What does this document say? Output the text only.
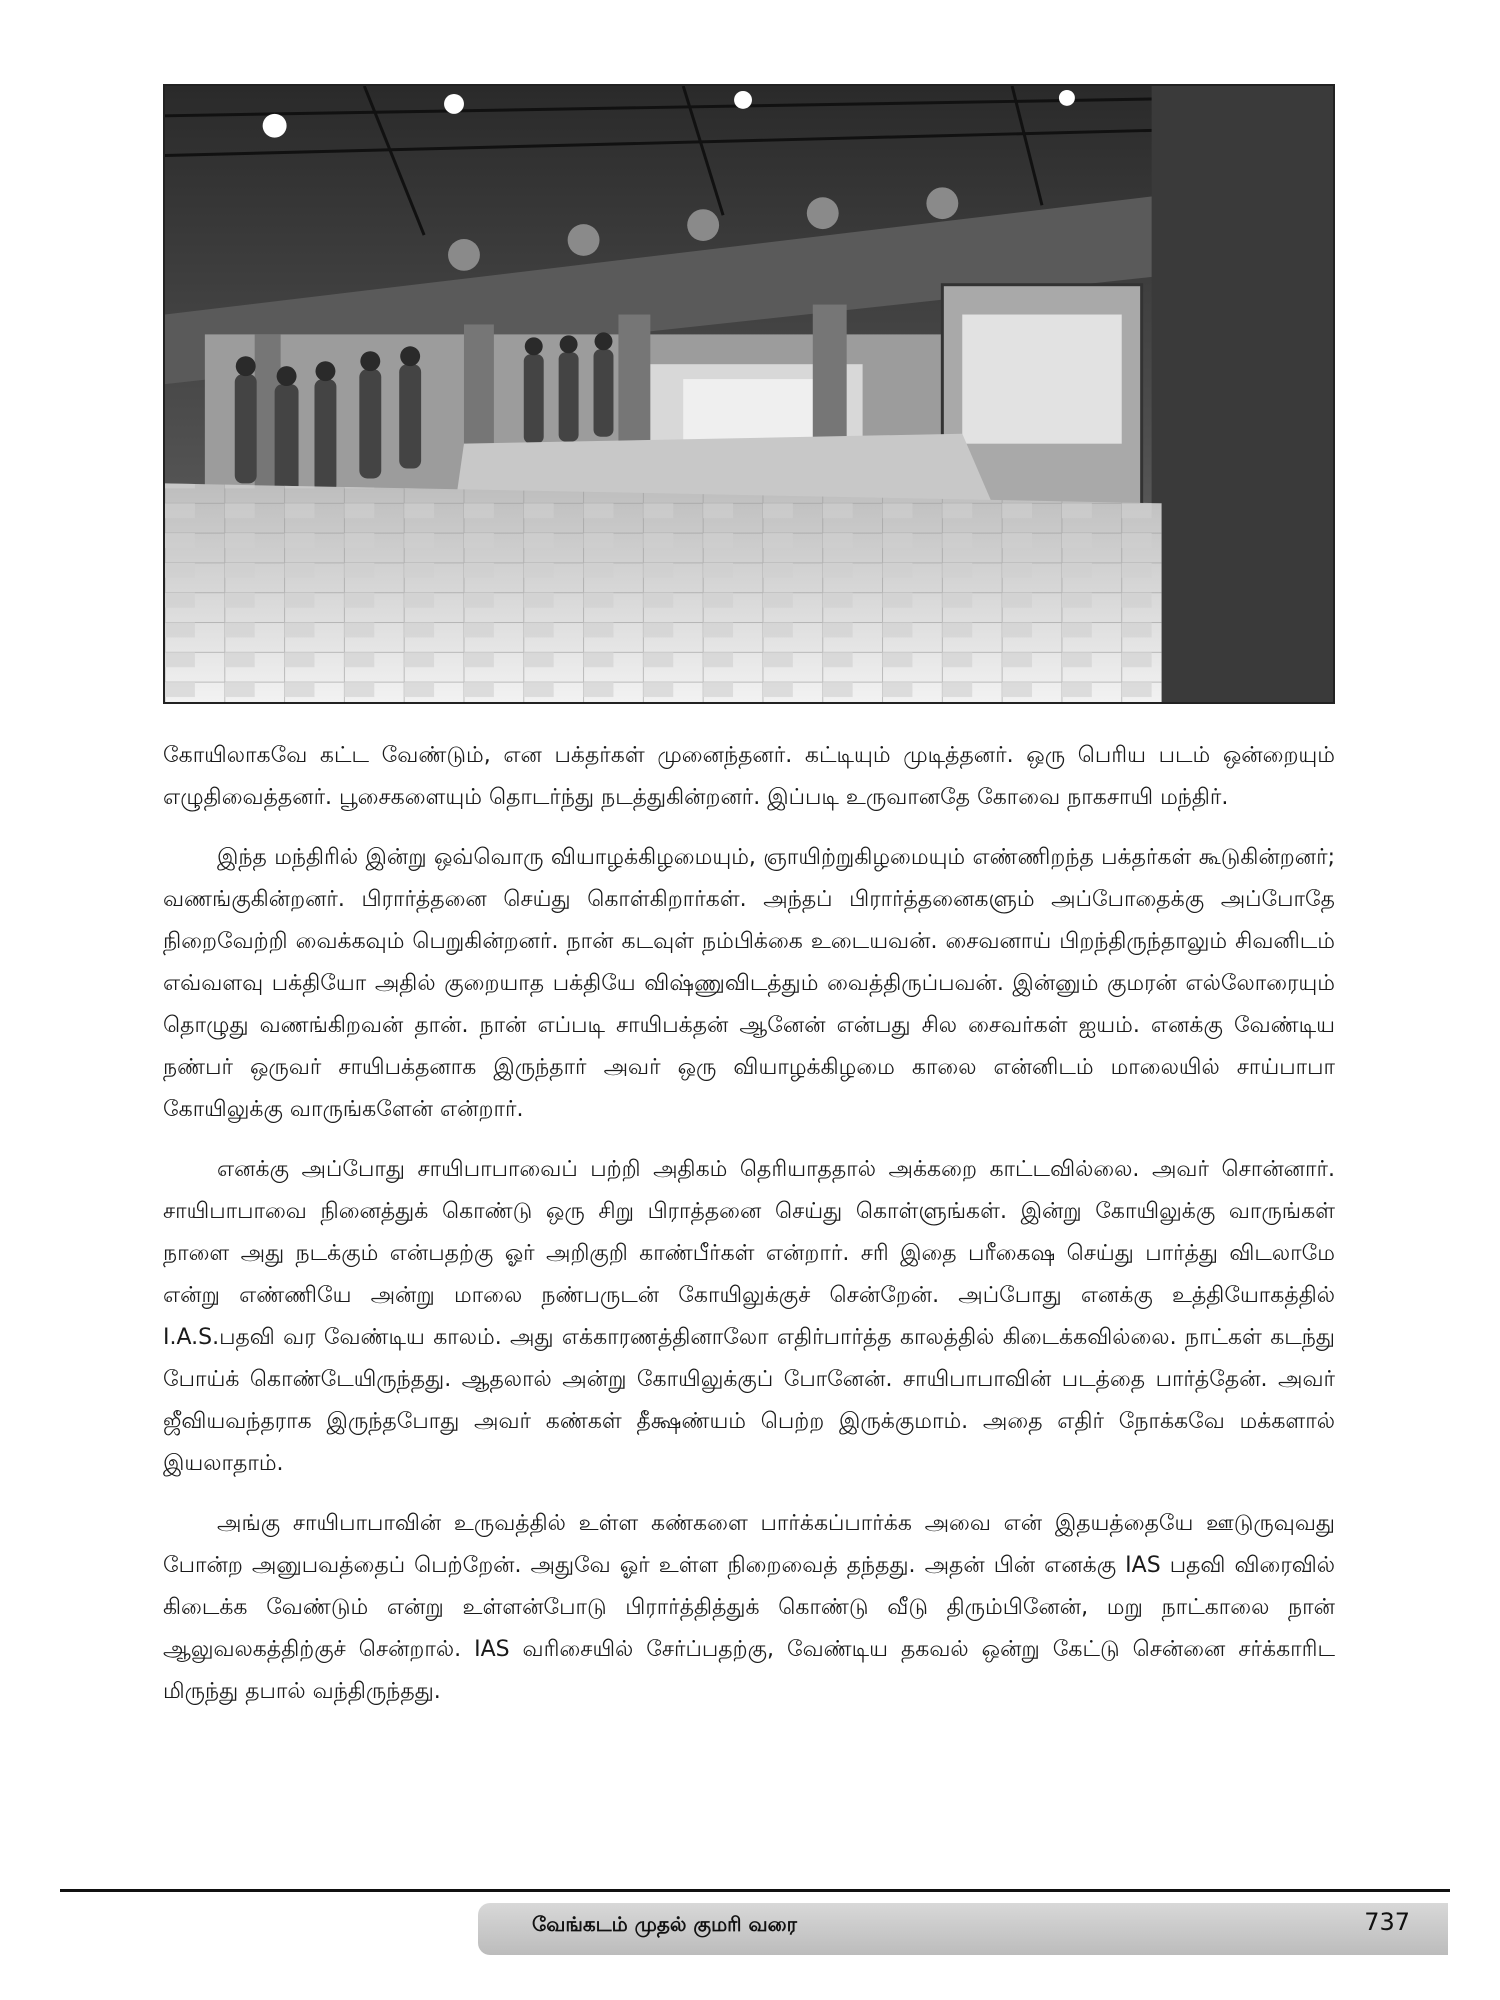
கோயிலாகவே கட்ட வேண்டும், என பக்தர்கள் முனைந்தனர். கட்டியும் முடித்தனர். ஒரு பெரிய படம் ஒன்றையும் எழுதிவைத்தனர். பூசைகளையும் தொடர்ந்து நடத்துகின்றனர். இப்படி உருவானதே கோவை நாகசாயி மந்திர்.

இந்த மந்திரில் இன்று ஒவ்வொரு வியாழக்கிழமையும், ஞாயிற்றுகிழமையும் எண்ணிறந்த பக்தர்கள் கூடுகின்றனர்; வணங்குகின்றனர். பிரார்த்தனை செய்து கொள்கிறார்கள். அந்தப் பிரார்த்தனைகளும் அப்போதைக்கு அப்போதே நிறைவேற்றி வைக்கவும் பெறுகின்றனர். நான் கடவுள் நம்பிக்கை உடையவன். சைவனாய் பிறந்திருந்தாலும் சிவனிடம் எவ்வளவு பக்தியோ அதில் குறையாத பக்தியே விஷ்ணுவிடத்தும் வைத்திருப்பவன். இன்னும் குமரன் எல்லோரையும் தொழுது வணங்கிறவன் தான். நான் எப்படி சாயிபக்தன் ஆனேன் என்பது சில சைவர்கள் ஐயம். எனக்கு வேண்டிய நண்பர் ஒருவர் சாயிபக்தனாக இருந்தார் அவர் ஒரு வியாழக்கிழமை காலை என்னிடம் மாலையில் சாய்பாபா கோயிலுக்கு வாருங்களேன் என்றார்.

எனக்கு அப்போது சாயிபாபாவைப் பற்றி அதிகம் தெரியாததால் அக்கறை காட்டவில்லை. அவர் சொன்னார். சாயிபாபாவை நினைத்துக் கொண்டு ஒரு சிறு பிராத்தனை செய்து கொள்ளுங்கள். இன்று கோயிலுக்கு வாருங்கள் நாளை அது நடக்கும் என்பதற்கு ஓர் அறிகுறி காண்பீர்கள் என்றார். சரி இதை பரீகைஷ செய்து பார்த்து விடலாமே என்று எண்ணியே அன்று மாலை நண்பருடன் கோயிலுக்குச் சென்றேன். அப்போது எனக்கு உத்தியோகத்தில் I.A.S.பதவி வர வேண்டிய காலம். அது எக்காரணத்தினாலோ எதிர்பார்த்த காலத்தில் கிடைக்கவில்லை. நாட்கள் கடந்து போய்க் கொண்டேயிருந்தது. ஆதலால் அன்று கோயிலுக்குப் போனேன். சாயிபாபாவின் படத்தை பார்த்தேன். அவர் ஜீவியவந்தராக இருந்தபோது அவர் கண்கள் தீக்ஷண்யம் பெற்ற இருக்குமாம். அதை எதிர் நோக்கவே மக்களால் இயலாதாம்.

அங்கு சாயிபாபாவின் உருவத்தில் உள்ள கண்களை பார்க்கப்பார்க்க அவை என் இதயத்தையே ஊடுருவுவது போன்ற அனுபவத்தைப் பெற்றேன். அதுவே ஓர் உள்ள நிறைவைத் தந்தது. அதன் பின் எனக்கு IAS பதவி விரைவில் கிடைக்க வேண்டும் என்று உள்ளன்போடு பிரார்த்தித்துக் கொண்டு வீடு திரும்பினேன், மறு நாட்காலை நான் ஆலுவலகத்திற்குச் சென்றால். IAS வரிசையில் சேர்ப்பதற்கு, வேண்டிய தகவல் ஒன்று கேட்டு சென்னை சர்க்காரிட மிருந்து தபால் வந்திருந்தது.

வேங்கடம் முதல் குமரி வரை	737
